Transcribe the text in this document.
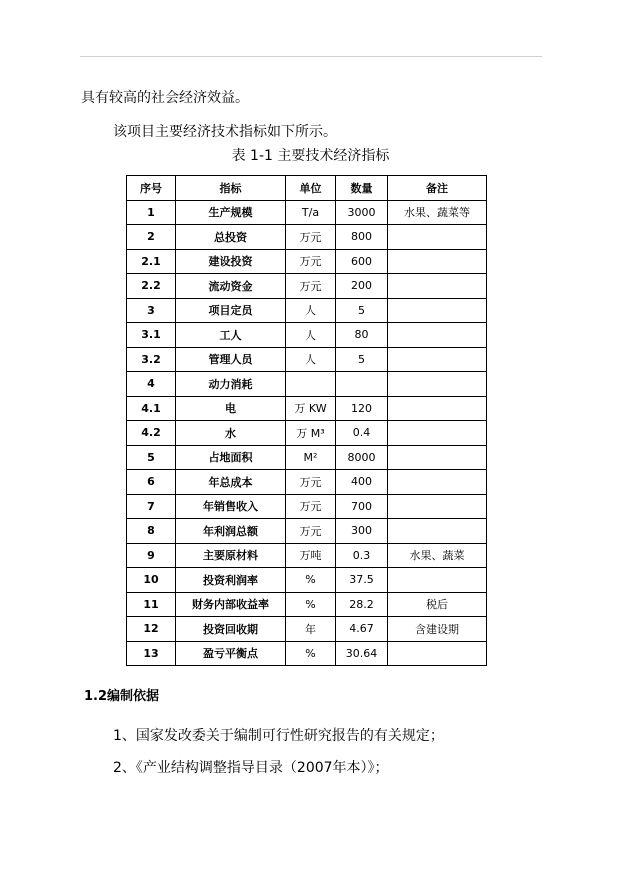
具有较高的社会经济效益。
该项目主要经济技术指标如下所示。
表 1-1 主要技术经济指标
序号	指标	单位	数量	备注
1	生产规模	T/a	3000	水果、蔬菜等
2	总投资	万元	800	
2.1	建设投资	万元	600	
2.2	流动资金	万元	200	
3	项目定员	人	5	
3.1	工人	人	80	
3.2	管理人员	人	5	
4	动力消耗			
4.1	电	万 KW	120	
4.2	水	万 M³	0.4	
5	占地面积	M²	8000	
6	年总成本	万元	400	
7	年销售收入	万元	700	
8	年利润总额	万元	300	
9	主要原材料	万吨	0.3	水果、蔬菜
10	投资利润率	%	37.5	
11	财务内部收益率	%	28.2	税后
12	投资回收期	年	4.67	含建设期
13	盈亏平衡点	%	30.64	
1.2编制依据
1、国家发改委关于编制可行性研究报告的有关规定；
2、《产业结构调整指导目录（2007年本）》；
